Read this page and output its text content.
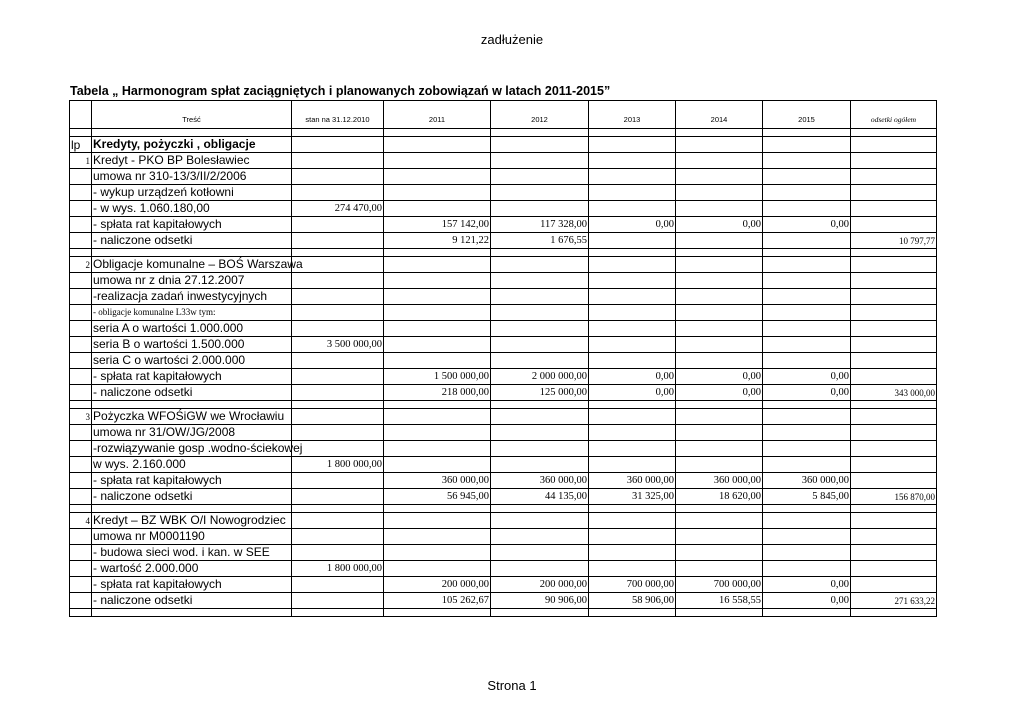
zadłużenie
Tabela „ Harmonogram spłat zaciągniętych i planowanych zobowiązań w latach 2011-2015”
	Treść	stan na 31.12.2010	2011	2012	2013	2014	2015	odsetki ogółem

lp	Kredyty, pożyczki , obligacje							

1	Kredyt - PKO BP Bolesławiec							

	umowa nr 310-13/3/II/2/2006							

	- wykup urządzeń kotłowni							

	- w wys. 1.060.180,00	274 470,00						

	- spłata rat kapitałowych		157 142,00	117 328,00	0,00	0,00	0,00	

	- naliczone odsetki		9 121,22	1 676,55				10 797,77

2	Obligacje komunalne – BOŚ Warszawa							

	umowa nr z dnia 27.12.2007							

	-realizacja zadań inwestycyjnych							

	- obligacje komunalne L33w tym:							

	seria A o wartości 1.000.000							

	seria B o wartości 1.500.000	3 500 000,00						

	seria C o wartości 2.000.000							

	- spłata rat kapitałowych		1 500 000,00	2 000 000,00	0,00	0,00	0,00	

	- naliczone odsetki		218 000,00	125 000,00	0,00	0,00	0,00	343 000,00

3	Pożyczka WFOŚiGW we Wrocławiu							

	umowa nr 31/OW/JG/2008							

	-rozwiązywanie gosp .wodno-ściekowej							

	w wys. 2.160.000	1 800 000,00						

	- spłata rat kapitałowych		360 000,00	360 000,00	360 000,00	360 000,00	360 000,00	

	- naliczone odsetki		56 945,00	44 135,00	31 325,00	18 620,00	5 845,00	156 870,00

4	Kredyt – BZ WBK O/I Nowogrodziec							

	umowa nr M0001190							

	- budowa sieci wod. i kan. w SEE							

	- wartość 2.000.000	1 800 000,00						

	- spłata rat kapitałowych		200 000,00	200 000,00	700 000,00	700 000,00	0,00	

	- naliczone odsetki		105 262,67	90 906,00	58 906,00	16 558,55	0,00	271 633,22

Strona 1
